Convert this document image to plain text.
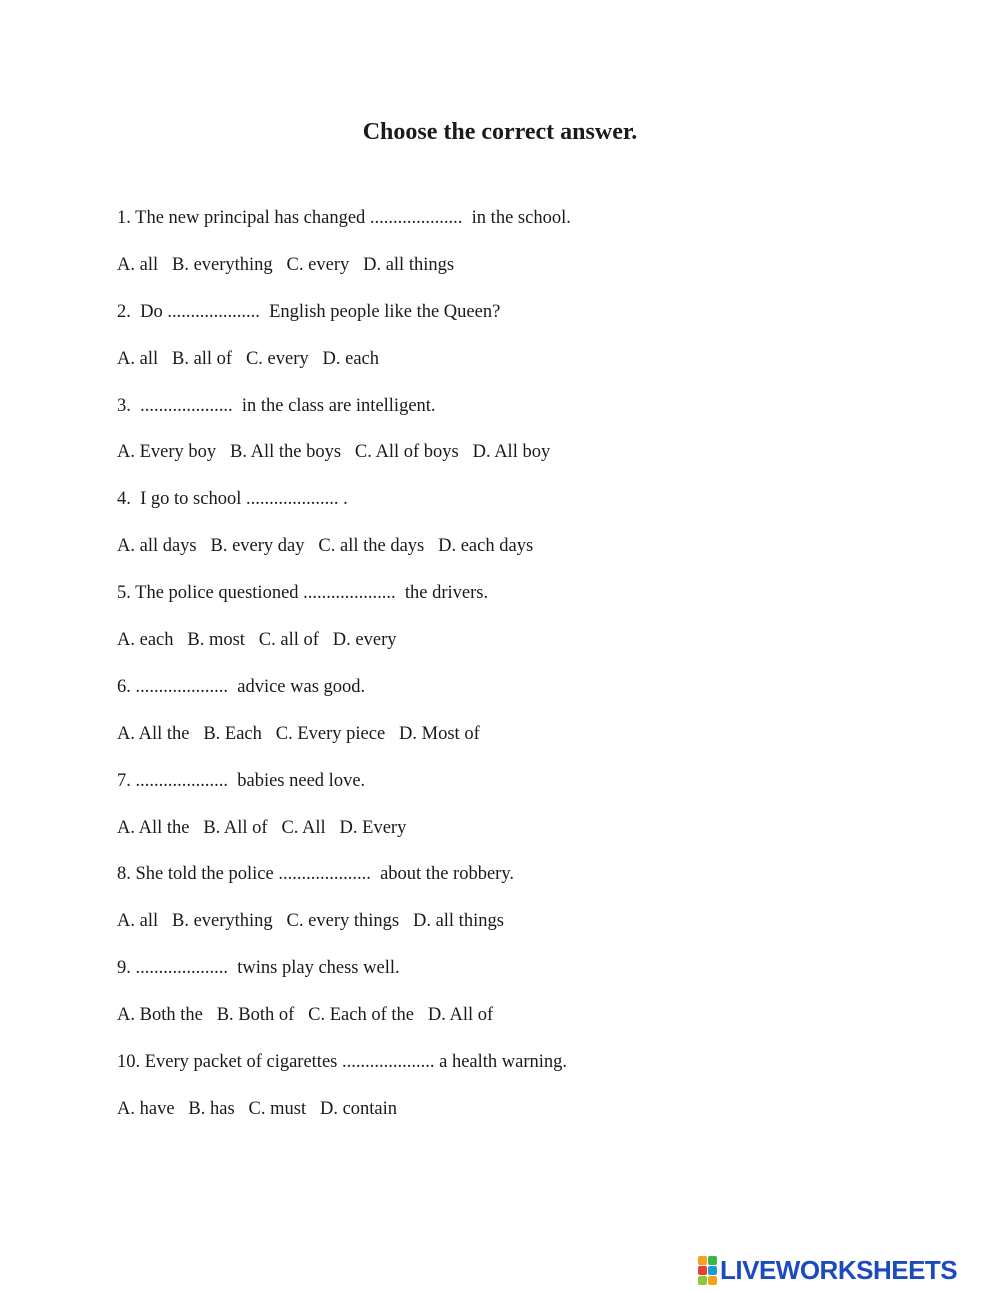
Choose the correct answer.
1. The new principal has changed ....................  in the school.
A. all   B. everything   C. every   D. all things
2.  Do ....................  English people like the Queen?
A. all   B. all of   C. every   D. each
3.  ....................  in the class are intelligent.
A. Every boy   B. All the boys   C. All of boys   D. All boy
4.  I go to school .................... .
A. all days   B. every day   C. all the days   D. each days
5. The police questioned ....................  the drivers.
A. each   B. most   C. all of   D. every
6. ....................  advice was good.
A. All the   B. Each   C. Every piece   D. Most of
7. ....................  babies need love.
A. All the   B. All of   C. All   D. Every
8. She told the police ....................  about the robbery.
A. all   B. everything   C. every things   D. all things
9. ....................  twins play chess well.
A. Both the   B. Both of   C. Each of the   D. All of
10. Every packet of cigarettes .................... a health warning.
A. have   B. has   C. must   D. contain
LIVEWORKSHEETS
